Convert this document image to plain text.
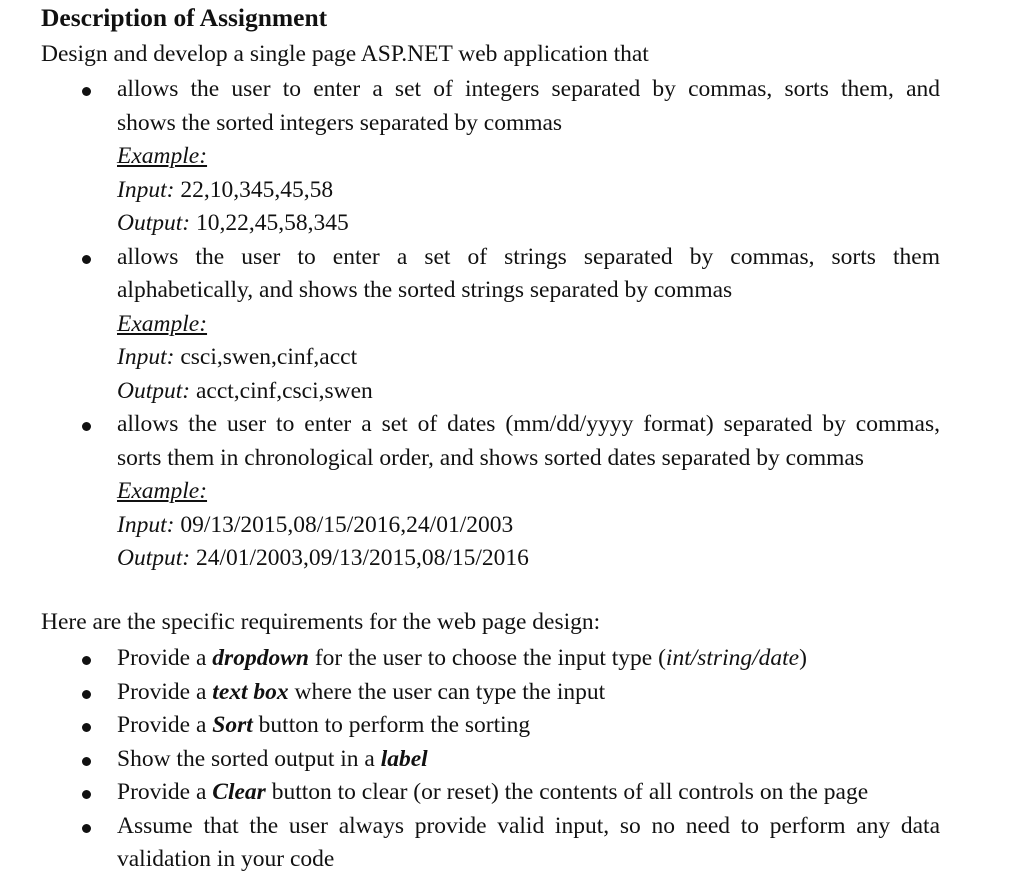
Description of Assignment

Design and develop a single page ASP.NET web application that

allows the user to enter a set of integers separated by commas, sorts them, and
shows the sorted integers separated by commas
Example:
Input: 22,10,345,45,58
Output: 10,22,45,58,345
allows the user to enter a set of strings separated by commas, sorts them
alphabetically, and shows the sorted strings separated by commas
Example:
Input: csci,swen,cinf,acct
Output: acct,cinf,csci,swen
allows the user to enter a set of dates (mm/dd/yyyy format) separated by commas,
sorts them in chronological order, and shows sorted dates separated by commas
Example:
Input: 09/13/2015,08/15/2016,24/01/2003
Output: 24/01/2003,09/13/2015,08/15/2016

Here are the specific requirements for the web page design:

Provide a dropdown for the user to choose the input type (int/string/date)
Provide a text box where the user can type the input
Provide a Sort button to perform the sorting
Show the sorted output in a label
Provide a Clear button to clear (or reset) the contents of all controls on the page
Assume that the user always provide valid input, so no need to perform any data
validation in your code
